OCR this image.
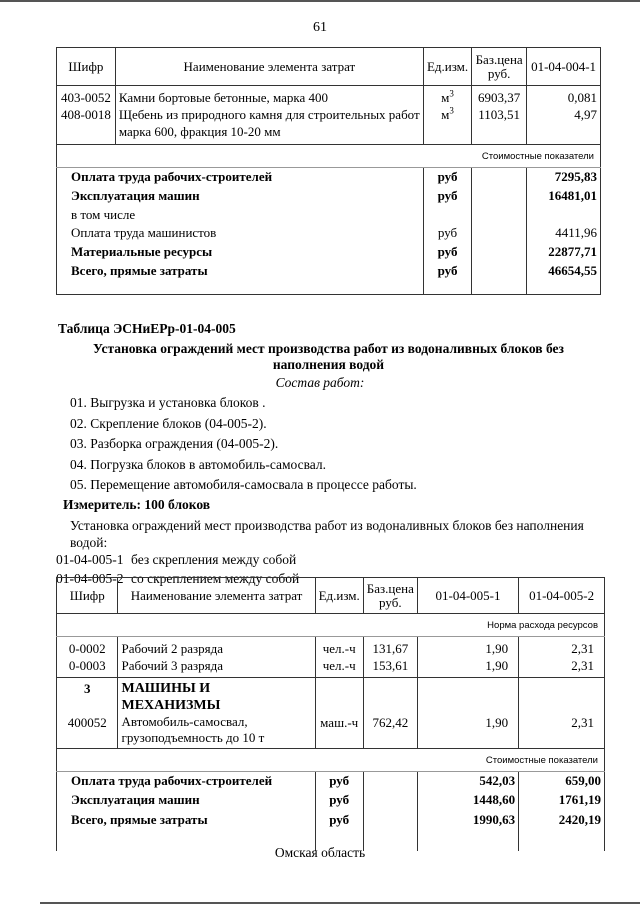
61
Шифр	Наименование элемента затрат	Ед.изм.	Баз.цена руб.	01-04-004-1
403-0052	Камни бортовые бетонные, марка 400	$м^3$	6903,37	0,081
408-0018	Щебень из природного камня для строительных работ марка 600, фракция 10-20 мм	$м^3$	1103,51	4,97
Стоимостные показатели				
Оплата труда рабочих-строителей		руб		7295,83
Эксплуатация машин		руб		16481,01
в том числе				
Оплата труда машинистов		руб		4411,96
Материальные ресурсы		руб		22877,71
Всего, прямые затраты		руб		46654,55

Таблица ЭСНиЕРр-01-04-005
Установка ограждений мест производства работ из водоналивных блоков без наполнения водой
Состав работ:
01. Выгрузка и установка блоков .
02. Скрепление блоков (04-005-2).
03. Разборка ограждения (04-005-2).
04. Погрузка блоков в автомобиль-самосвал.
05. Перемещение автомобиля-самосвала в процессе работы.
Измеритель: 100 блоков
Установка ограждений мест производства работ из водоналивных блоков без наполнения
водой:
01-04-005-1 без скрепления между собой
01-04-005-2 со скреплением между собой
Шифр	Наименование элемента затрат	Ед.изм.	Баз.цена руб.	01-04-005-1	01-04-005-2
Норма расхода ресурсов					
0-0002	Рабочий 2 разряда	чел.-ч	131,67	1,90	2,31
0-0003	Рабочий 3 разряда	чел.-ч	153,61	1,90	2,31
3	МАШИНЫ И МЕХАНИЗМЫ				
400052	Автомобиль-самосвал, грузоподъемность до 10 т	маш.-ч	762,42	1,90	2,31
Стоимостные показатели					
Оплата труда рабочих-строителей		руб		542,03	659,00
Эксплуатация машин		руб		1448,60	1761,19
Всего, прямые затраты		руб		1990,63	2420,19

Омская область
